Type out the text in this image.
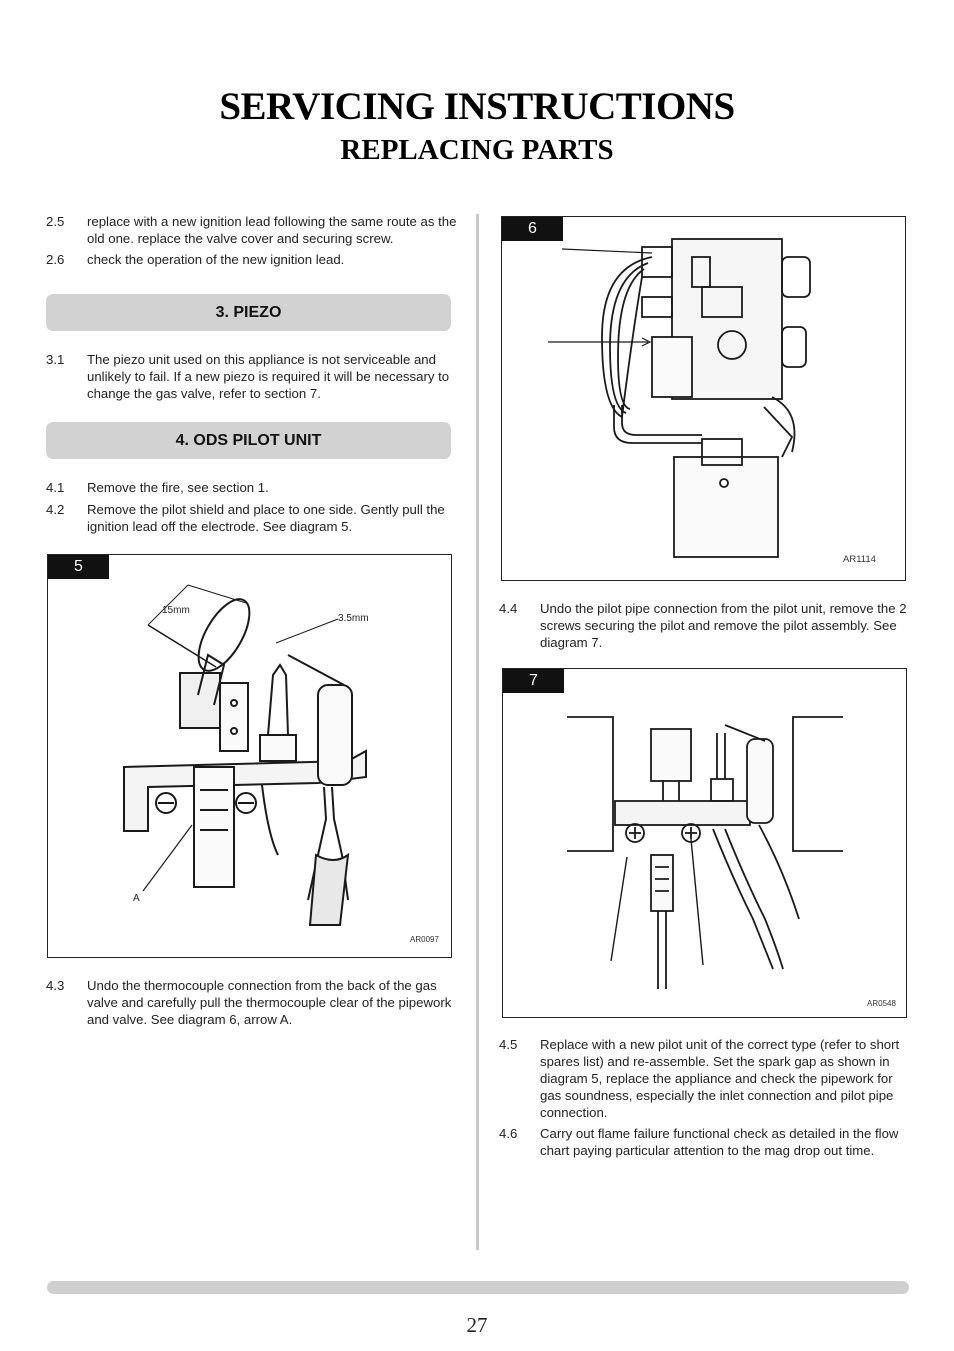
SERVICING INSTRUCTIONS
REPLACING PARTS
2.5	replace with a new ignition lead following the same route as the old one. replace the valve cover and securing screw.
2.6	check the operation of the new ignition lead.
3. PIEZO
3.1	The piezo unit used on this appliance is not serviceable and unlikely to fail. If a new piezo is required it will be necessary to change the gas valve, refer to section 7.
4. ODS PILOT UNIT
4.1	Remove the fire, see section 1.
4.2	Remove the pilot shield and place to one side. Gently pull the ignition lead off the electrode. See diagram 5.
5
15mm
3.5mm
A
AR0097
4.3	Undo the thermocouple connection from the back of the gas valve and carefully pull the thermocouple clear of the pipework and valve. See diagram 6, arrow A.
6
AR1114
4.4	Undo the pilot pipe connection from the pilot unit, remove the 2 screws securing the pilot and remove the pilot assembly. See diagram 7.
7
AR0548
4.5	Replace with a new pilot unit of the correct type (refer to short spares list) and re-assemble. Set the spark gap as shown in diagram 5, replace the appliance and check the pipework for gas soundness, especially the inlet connection and pilot pipe connection.
4.6	Carry out flame failure functional check as detailed in the flow chart paying particular attention to the mag drop out time.
27
